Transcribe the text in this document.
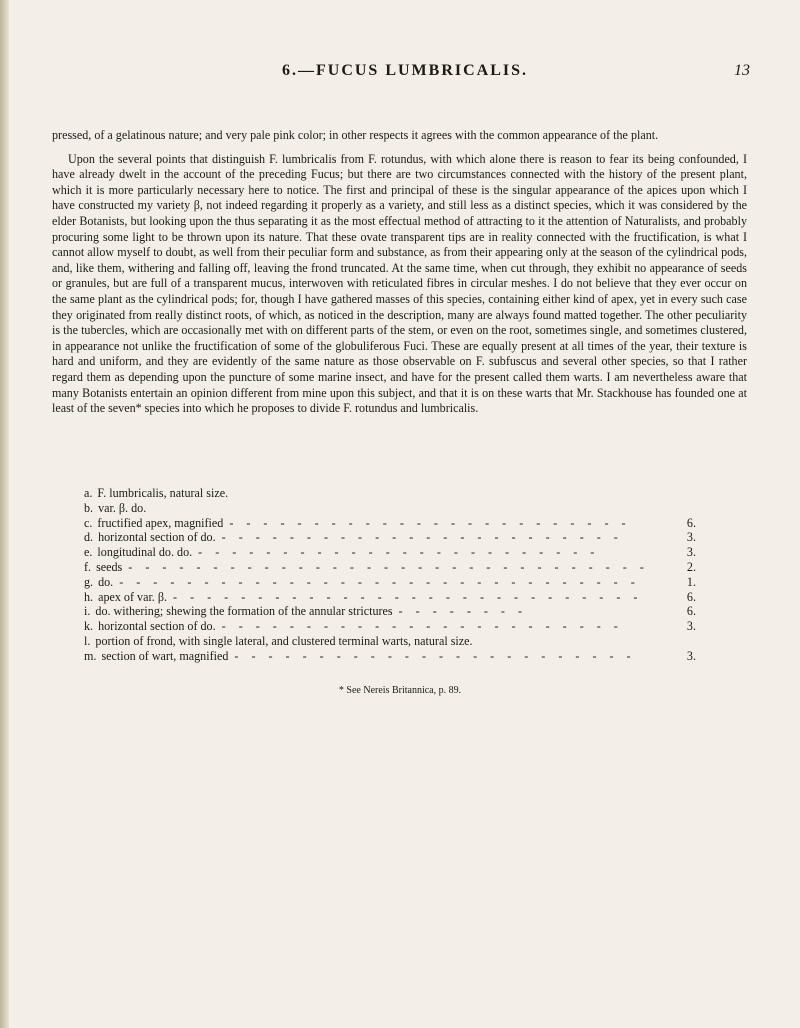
6.—FUCUS LUMBRICALIS.	13

pressed, of a gelatinous nature; and very pale pink color; in other respects it agrees with the common appearance of the plant.

Upon the several points that distinguish F. lumbricalis from F. rotundus, with which alone there is reason to fear its being confounded, I have already dwelt in the account of the preceding Fucus; but there are two circumstances connected with the history of the present plant, which it is more particularly necessary here to notice. The first and principal of these is the singular appearance of the apices upon which I have constructed my variety β, not indeed regarding it properly as a variety, and still less as a distinct species, which it was considered by the elder Botanists, but looking upon the thus separating it as the most effectual method of attracting to it the attention of Naturalists, and probably procuring some light to be thrown upon its nature. That these ovate transparent tips are in reality connected with the fructification, is what I cannot allow myself to doubt, as well from their peculiar form and substance, as from their appearing only at the season of the cylindrical pods, and, like them, withering and falling off, leaving the frond truncated. At the same time, when cut through, they exhibit no appearance of seeds or granules, but are full of a transparent mucus, interwoven with reticulated fibres in circular meshes. I do not believe that they ever occur on the same plant as the cylindrical pods; for, though I have gathered masses of this species, containing either kind of apex, yet in every such case they originated from really distinct roots, of which, as noticed in the description, many are always found matted together. The other peculiarity is the tubercles, which are occasionally met with on different parts of the stem, or even on the root, sometimes single, and sometimes clustered, in appearance not unlike the fructification of some of the globuliferous Fuci. These are equally present at all times of the year, their texture is hard and uniform, and they are evidently of the same nature as those observable on F. subfuscus and several other species, so that I rather regard them as depending upon the puncture of some marine insect, and have for the present called them warts. I am nevertheless aware that many Botanists entertain an opinion different from mine upon this subject, and that it is on these warts that Mr. Stackhouse has founded one at least of the seven* species into which he proposes to divide F. rotundus and lumbricalis.

a. F. lumbricalis, natural size.
b. var. β. do.
c. fructified apex, magnified - - - - - - - - - - - - - - - - - - - - - - - -	6.
d. horizontal section of do. - - - - - - - - - - - - - - - - - - - - - - - -	3.
e. longitudinal do. do. - - - - - - - - - - - - - - - - - - - - - - - -	3.
f. seeds - - - - - - - - - - - - - - - - - - - - - - - - - - - - - - -	2.
g. do. - - - - - - - - - - - - - - - - - - - - - - - - - - - - - - -	1.
h. apex of var. β. - - - - - - - - - - - - - - - - - - - - - - - - - - - -	6.
i. do. withering; shewing the formation of the annular strictures - - - - - - - -	6.
k. horizontal section of do. - - - - - - - - - - - - - - - - - - - - - - - -	3.
l. portion of frond, with single lateral, and clustered terminal warts, natural size.
m. section of wart, magnified - - - - - - - - - - - - - - - - - - - - - - - -	3.
* See Nereis Britannica, p. 89.
